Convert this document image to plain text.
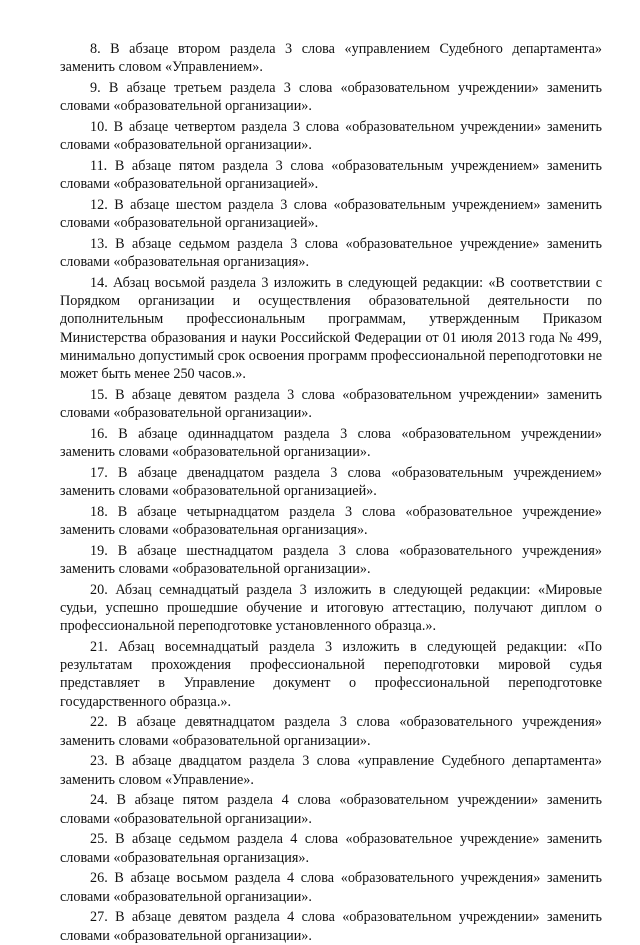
8. В абзаце втором раздела 3 слова «управлением Судебного департамента» заменить словом «Управлением».

9. В абзаце третьем раздела 3 слова «образовательном учреждении» заменить словами «образовательной организации».

10. В абзаце четвертом раздела 3 слова «образовательном учреждении» заменить словами «образовательной организации».

11. В абзаце пятом раздела 3 слова «образовательным учреждением» заменить словами «образовательной организацией».

12. В абзаце шестом раздела 3 слова «образовательным учреждением» заменить словами «образовательной организацией».

13. В абзаце седьмом раздела 3 слова «образовательное учреждение» заменить словами «образовательная организация».

14. Абзац восьмой раздела 3 изложить в следующей редакции: «В соответствии с Порядком организации и осуществления образовательной деятельности по дополнительным профессиональным программам, утвержденным Приказом Министерства образования и науки Российской Федерации от 01 июля 2013 года № 499, минимально допустимый срок освоения программ профессиональной переподготовки не может быть менее 250 часов.».

15. В абзаце девятом раздела 3 слова «образовательном учреждении» заменить словами «образовательной организации».

16. В абзаце одиннадцатом раздела 3 слова «образовательном учреждении» заменить словами «образовательной организации».

17. В абзаце двенадцатом раздела 3 слова «образовательным учреждением» заменить словами «образовательной организацией».

18. В абзаце четырнадцатом раздела 3 слова «образовательное учреждение» заменить словами «образовательная организация».

19. В абзаце шестнадцатом раздела 3 слова «образовательного учреждения» заменить словами «образовательной организации».

20. Абзац семнадцатый раздела 3 изложить в следующей редакции: «Мировые судьи, успешно прошедшие обучение и итоговую аттестацию, получают диплом о профессиональной переподготовке установленного образца.».

21. Абзац восемнадцатый раздела 3 изложить в следующей редакции: «По результатам прохождения профессиональной переподготовки мировой судья представляет в Управление документ о профессиональной переподготовке государственного образца.».

22. В абзаце девятнадцатом раздела 3 слова «образовательного учреждения» заменить словами «образовательной организации».

23. В абзаце двадцатом раздела 3 слова «управление Судебного департамента» заменить словом «Управление».

24. В абзаце пятом раздела 4 слова «образовательном учреждении» заменить словами «образовательной организации».

25. В абзаце седьмом раздела 4 слова «образовательное учреждение» заменить словами «образовательная организация».

26. В абзаце восьмом раздела 4 слова «образовательного учреждения» заменить словами «образовательной организации».

27. В абзаце девятом раздела 4 слова «образовательном учреждении» заменить словами «образовательной организации».
